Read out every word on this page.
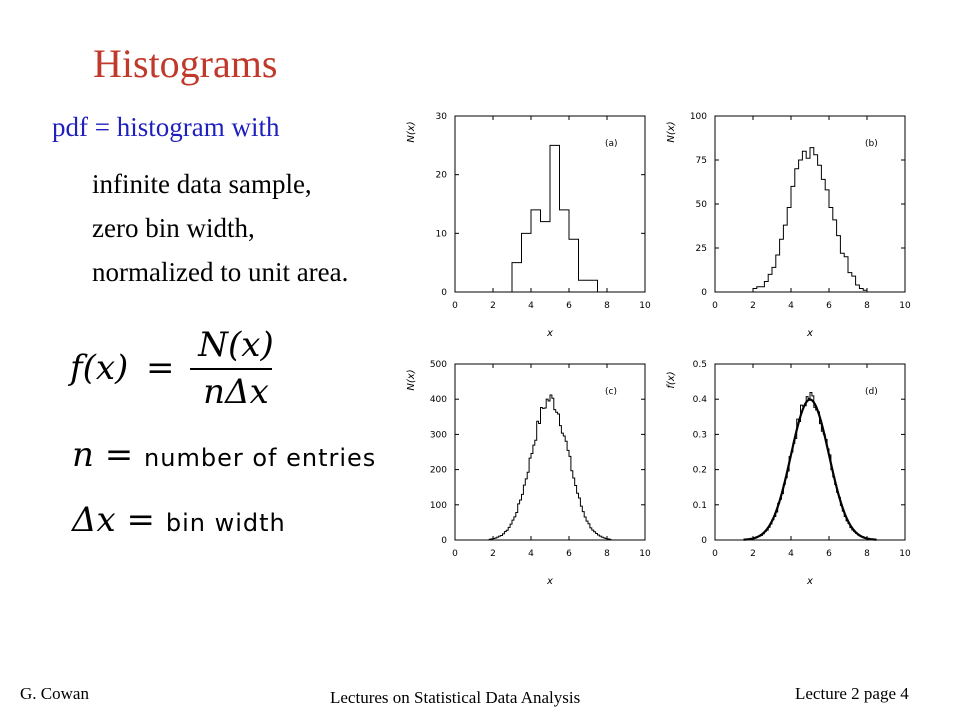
Histograms
pdf = histogram with
infinite data sample,
zero bin width,
normalized to unit area.
f(x) =
N(x)
nΔx
n = number of entries
Δx = bin width
0	2	4	6	8	10
0
10
20
30
x
N(x)
(a)
0	2	4	6	8	10
0
25
50
75
100
x
N(x)
(b)
0	2	4	6	8	10
0
100
200
300
400
500
x
N(x)
(c)
0	2	4	6	8	10
0
0.1
0.2
0.3
0.4
0.5
x
f(x)
(d)
G. Cowan	Lectures on Statistical Data Analysis	Lecture 2 page 4
